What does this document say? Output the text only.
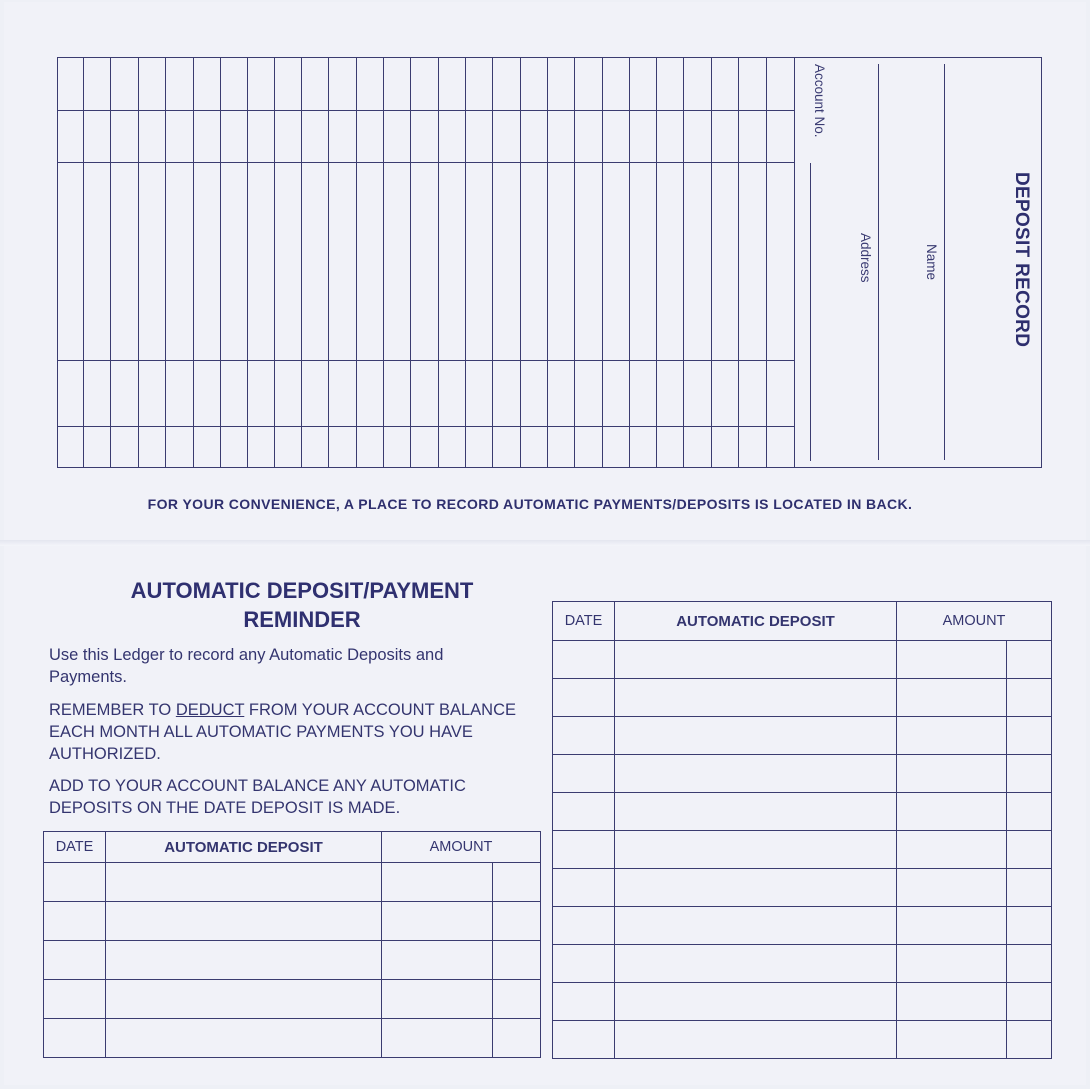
Account No.
Address	Name	DEPOSIT RECORD
FOR YOUR CONVENIENCE, A PLACE TO RECORD AUTOMATIC PAYMENTS/DEPOSITS IS LOCATED IN BACK.
AUTOMATIC DEPOSIT/PAYMENT
REMINDER
Use this Ledger to record any Automatic Deposits and Payments.
REMEMBER TO DEDUCT FROM YOUR ACCOUNT BALANCE EACH MONTH ALL AUTOMATIC PAYMENTS YOU HAVE AUTHORIZED.
ADD TO YOUR ACCOUNT BALANCE ANY AUTOMATIC DEPOSITS ON THE DATE DEPOSIT IS MADE.
DATE	AUTOMATIC DEPOSIT	AMOUNT	

DATE	AUTOMATIC DEPOSIT	AMOUNT	
